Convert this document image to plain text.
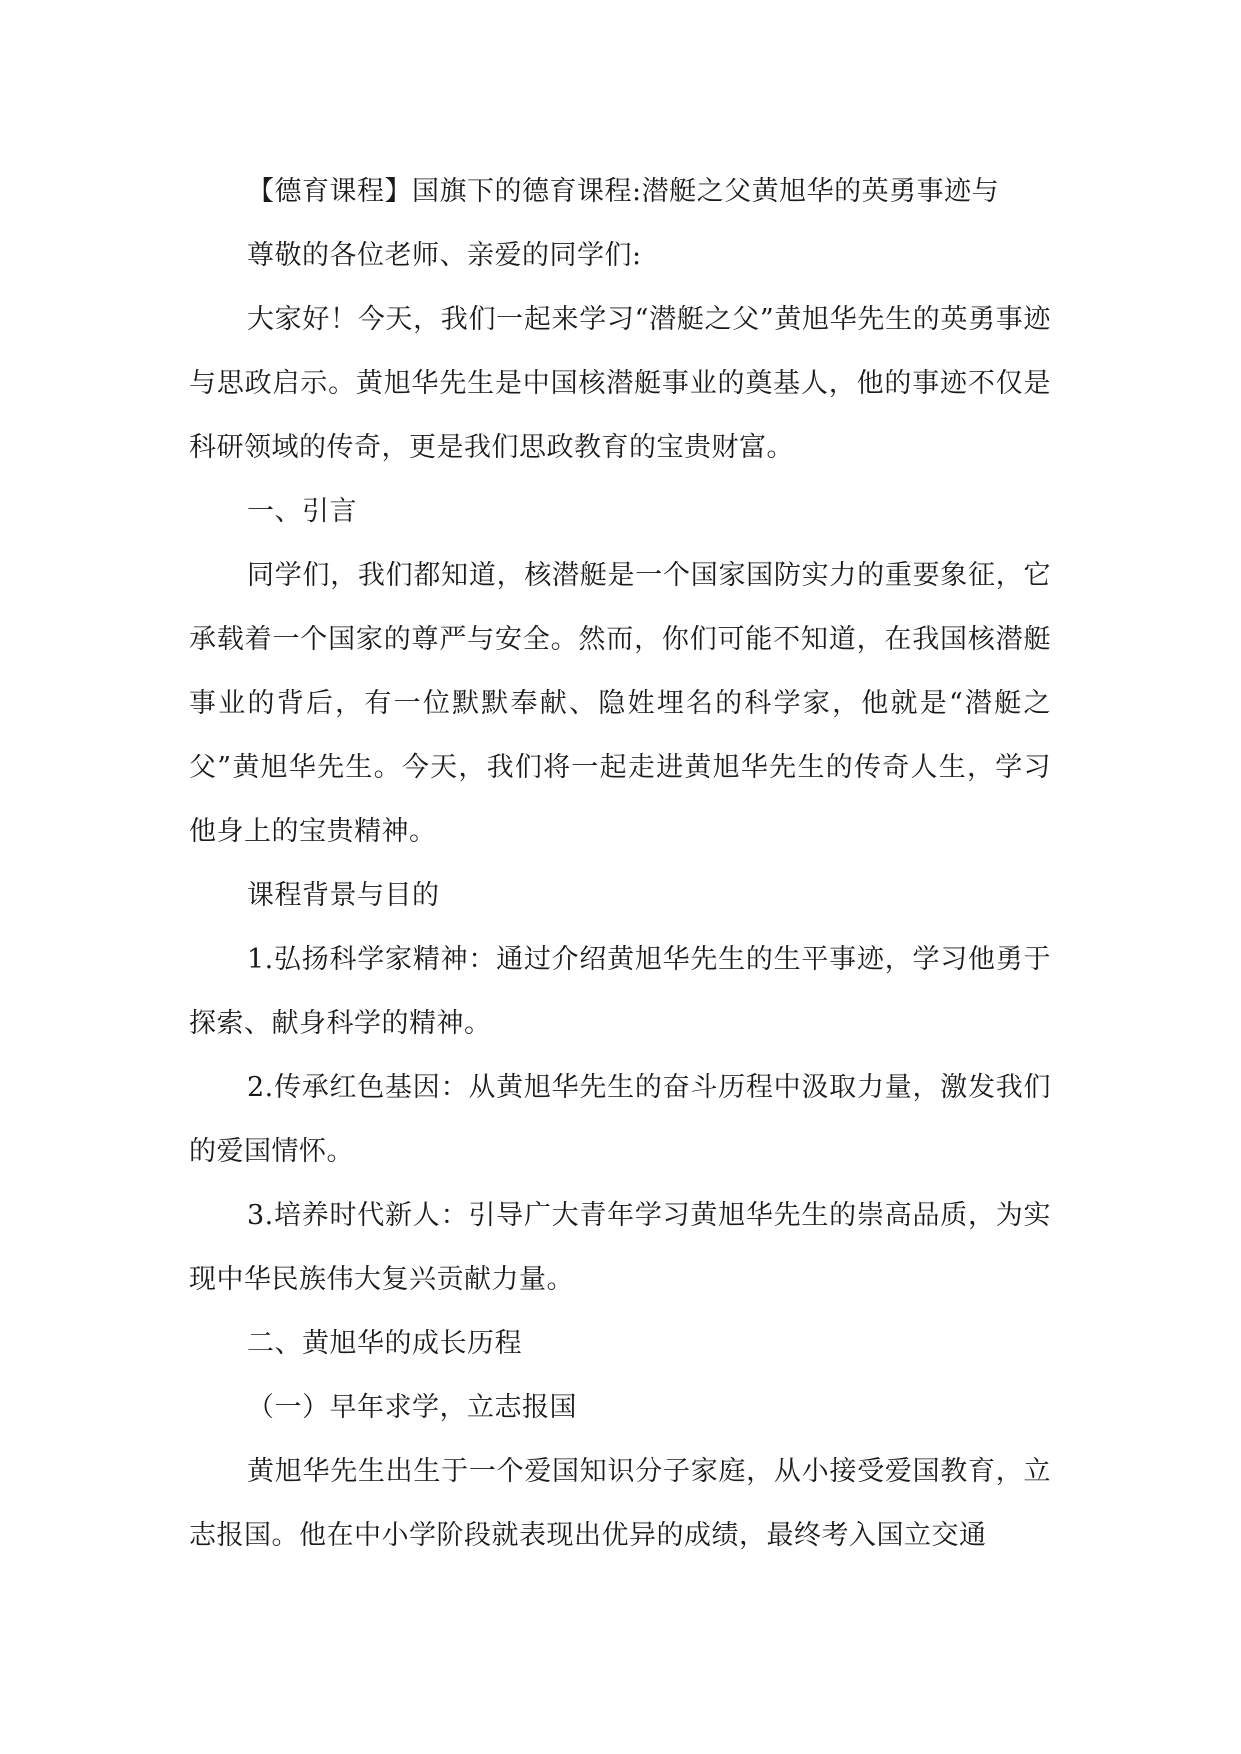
【德育课程】国旗下的德育课程:潜艇之父黄旭华的英勇事迹与

尊敬的各位老师、亲爱的同学们:

大家好！今天，我们一起来学习“潜艇之父”黄旭华先生的英勇事迹与思政启示。黄旭华先生是中国核潜艇事业的奠基人，他的事迹不仅是科研领域的传奇，更是我们思政教育的宝贵财富。

一、引言

同学们，我们都知道，核潜艇是一个国家国防实力的重要象征，它承载着一个国家的尊严与安全。然而，你们可能不知道，在我国核潜艇事业的背后，有一位默默奉献、隐姓埋名的科学家，他就是“潜艇之父”黄旭华先生。今天，我们将一起走进黄旭华先生的传奇人生，学习他身上的宝贵精神。

课程背景与目的

1.弘扬科学家精神：通过介绍黄旭华先生的生平事迹，学习他勇于探索、献身科学的精神。

2.传承红色基因：从黄旭华先生的奋斗历程中汲取力量，激发我们的爱国情怀。

3.培养时代新人：引导广大青年学习黄旭华先生的崇高品质，为实现中华民族伟大复兴贡献力量。

二、黄旭华的成长历程

（一）早年求学，立志报国

黄旭华先生出生于一个爱国知识分子家庭，从小接受爱国教育，立志报国。他在中小学阶段就表现出优异的成绩，最终考入国立交通
